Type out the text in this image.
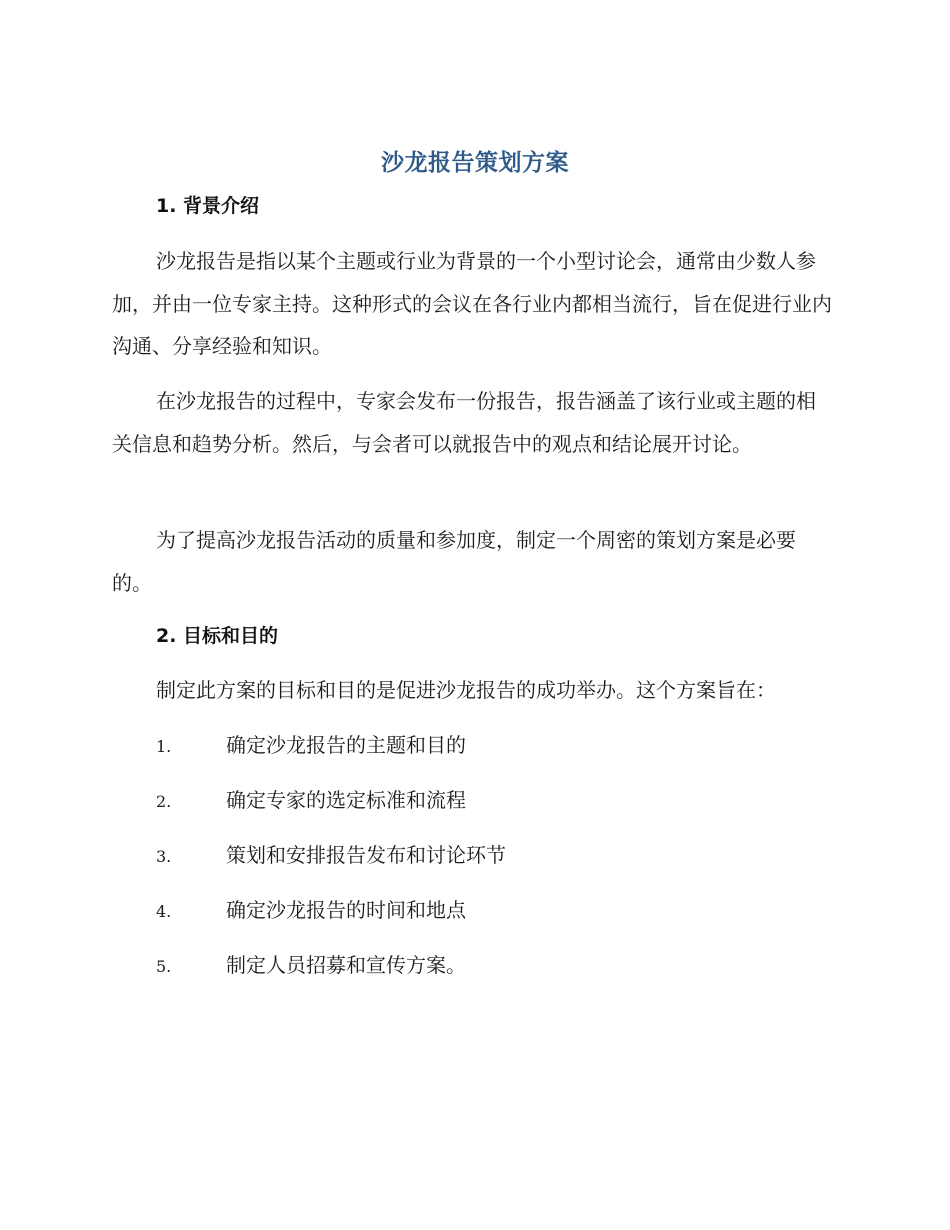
沙龙报告策划方案
1. 背景介绍
沙龙报告是指以某个主题或行业为背景的一个小型讨论会，通常由少数人参加，并由一位专家主持。这种形式的会议在各行业内都相当流行，旨在促进行业内沟通、分享经验和知识。
在沙龙报告的过程中，专家会发布一份报告，报告涵盖了该行业或主题的相关信息和趋势分析。然后，与会者可以就报告中的观点和结论展开讨论。
为了提高沙龙报告活动的质量和参加度，制定一个周密的策划方案是必要的。
2. 目标和目的
制定此方案的目标和目的是促进沙龙报告的成功举办。这个方案旨在：
1.	确定沙龙报告的主题和目的
2.	确定专家的选定标准和流程
3.	策划和安排报告发布和讨论环节
4.	确定沙龙报告的时间和地点
5.	制定人员招募和宣传方案。
